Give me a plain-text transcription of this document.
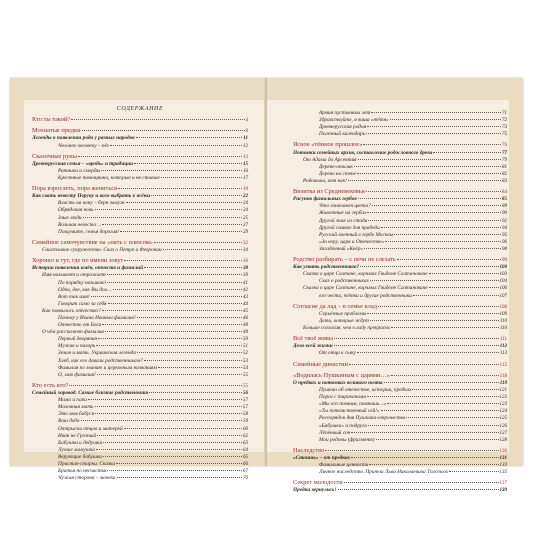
СОДЕРЖАНИЕ
Кто ты такой?	4
Мохнатые предки	8
Легенды о появлении рода у разных народов	11
Человек человеку – пёс	12
Сказочные руны	13
Древнерусская семья – «вродь» и традиции	15
Ратники и смерды	16
Крестные помощники, которые и не ставше	17
Пора взрослеть, пора жениться	19
Как свать невесту Перуну и кого выбрать в жёны	22
Власть на кону – берн замуж	24
Обрядовая ночь	24
Злые люди	25
Вольная невеста ...	27
Пошумите, семья дорогая!	29
Семейное самочувствие на «пять с плюсом»	32
Счастливое супружество. Сказ о Петре и Февронии	34
Хорошо и тут, где по имени зовут	36
Истории появления имён, отчеств и фамилий	38
Имя называет и отражает	39
По порядку называю!	41
Одна, две, как Вы дол…	42
Вот так имя!	43
Говорит само за себя	44
Как появилось отчество?	45
Почему у Ивана Иваныч фамилия?	46
Отчество от Бога	48
О чём расскажет фамилия	49
Первый дворянин	50
Мужик и пахарь	51
Земля и мать. Украинская легенда	52
Хлеб, как его давали родственникам?	53
Фамилия по званию и церковным названиям	54
О, моя фамилия!	55
Кто есть кто?	55
Семейный хоровод. Самые близкие родственники	56
Мама и папа	57
Молочная мать	57
Это моя бабуся	58
Ваш деда	59
Отпрыски отцов и матерей	60
Иван не Грозный	62
Бабушки и дедушки	63
Лучше мамушка	64
Верующие бабушки	65
Пристав-старки. Сказка	66
Братья по несчастью	67
Чужая сторона – мачеха	70
Армия пустынных лет	71
Здравствуйте, я ваша «тётя»	72
Древнерусская родня	73
Полезный календарь	75
Ясное «тёмное прошлое»	76
Потомки семейных архив, составление родословного древа	77
От Адама до Арсентия	79
Дерево-отклик	81
Дерево на стене	82
Родовыки, вот как!	83
Визитка из Средневековья	84
Рисунок фамильных гербов	85
Что означают цвета?	88
Животные на гербах	90
Другой знак из стада	92
Другой символ для прадеда	94
Русский военный в гербе Москвы	95
«За веру, царя и Отечество»	96
Загадочный «Квёр»	98
Родство разбирать – с печи не слезать	99
Как узнать родственников?	100
Сказка о царе Салтане, корчмах Гвидоне Салтановиче	103
Сказ о родственниках	104
Сказка о царе Салтане, корчмах Гвидоне Салтановиче	106
его чести, тётки и другие родственники	107
Согласие да лад – в семье клад	108
Серьёзные проблемы	109
Дети, которые ждут	110
Больше согласия, чем в ладу прекрасно	110
Всё твоё живы	111
Дело всей жизни	112
От отца к сыну	113
Семейные династии	115
«Водилась Пушкиным с царями…»	118
О предках и потомках великого поэта	119
Пушкин об отечестве, истории, предках	121
Порог с тараканами	122
«Мы его помним, помнишь...»	123
«Ты потомственный сей!»	124
Распорядок дня Пушкина-отрочества	125
«Бабушка» и подруга	126
Лёпённый сон	127
Мои родовы (фрагмент)	128
Наследство	130
«Стоишь» – от предков	131
Фамильные ценности	133
Личное наследство. Притча Льва Николаевича Толстого	135
Секрет молодости	137
Предки вернулись!	139
